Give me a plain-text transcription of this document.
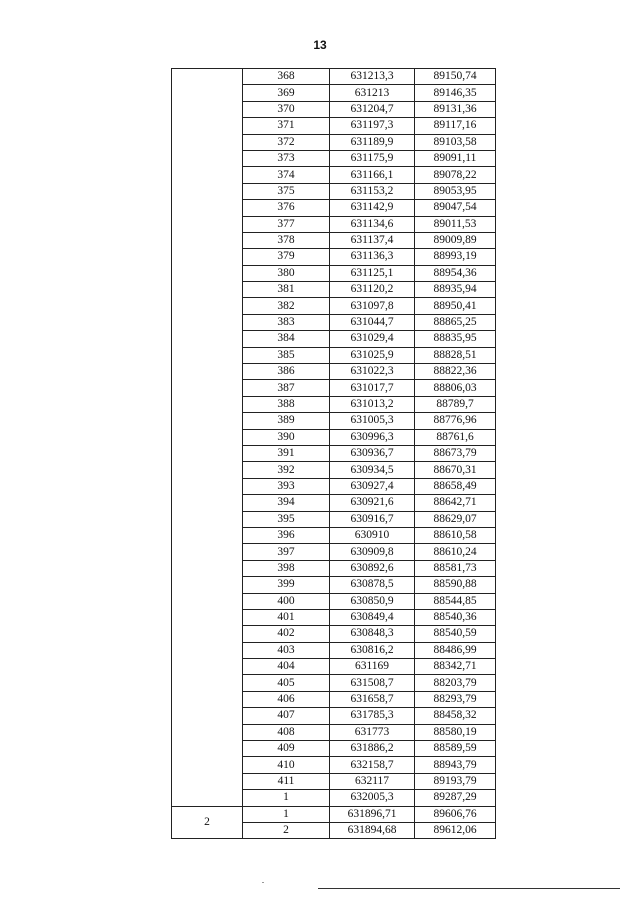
13
	368	631213,3	89150,74
	369	631213	89146,35
	370	631204,7	89131,36
	371	631197,3	89117,16
	372	631189,9	89103,58
	373	631175,9	89091,11
	374	631166,1	89078,22
	375	631153,2	89053,95
	376	631142,9	89047,54
	377	631134,6	89011,53
	378	631137,4	89009,89
	379	631136,3	88993,19
	380	631125,1	88954,36
	381	631120,2	88935,94
	382	631097,8	88950,41
	383	631044,7	88865,25
	384	631029,4	88835,95
	385	631025,9	88828,51
	386	631022,3	88822,36
	387	631017,7	88806,03
	388	631013,2	88789,7
	389	631005,3	88776,96
	390	630996,3	88761,6
	391	630936,7	88673,79
	392	630934,5	88670,31
	393	630927,4	88658,49
	394	630921,6	88642,71
	395	630916,7	88629,07
	396	630910	88610,58
	397	630909,8	88610,24
	398	630892,6	88581,73
	399	630878,5	88590,88
	400	630850,9	88544,85
	401	630849,4	88540,36
	402	630848,3	88540,59
	403	630816,2	88486,99
	404	631169	88342,71
	405	631508,7	88203,79
	406	631658,7	88293,79
	407	631785,3	88458,32
	408	631773	88580,19
	409	631886,2	88589,59
	410	632158,7	88943,79
	411	632117	89193,79
	1	632005,3	89287,29
2	1	631896,71	89606,76
	2	631894,68	89612,06
